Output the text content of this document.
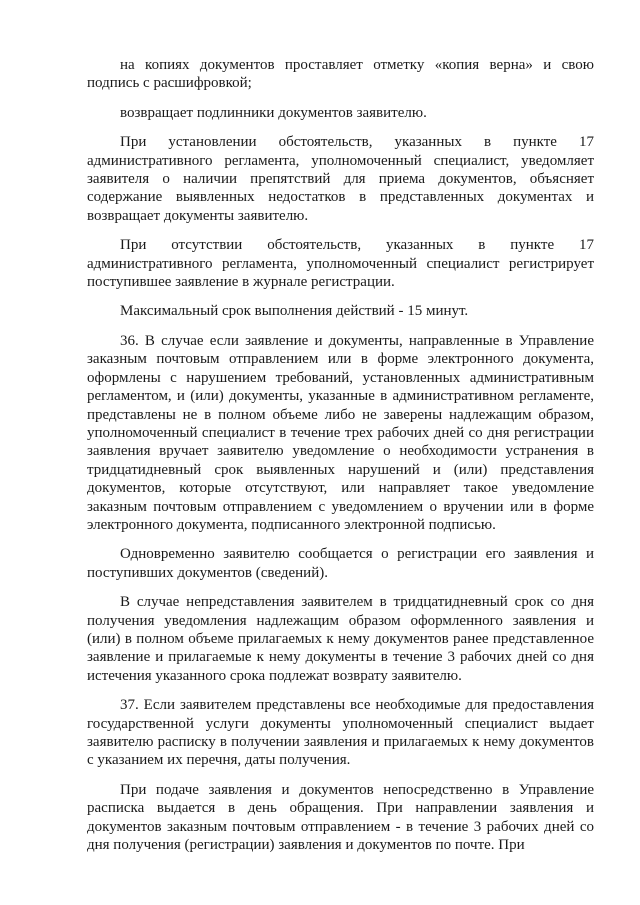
на копиях документов проставляет отметку «копия верна» и свою подпись с расшифровкой;

возвращает подлинники документов заявителю.

При установлении обстоятельств, указанных в пункте 17 административного регламента, уполномоченный специалист, уведомляет заявителя о наличии препятствий для приема документов, объясняет содержание выявленных недостатков в представленных документах и возвращает документы заявителю.

При отсутствии обстоятельств, указанных в пункте 17 административного регламента, уполномоченный специалист регистрирует поступившее заявление в журнале регистрации.

Максимальный срок выполнения действий - 15 минут.

36. В случае если заявление и документы, направленные в Управление заказным почтовым отправлением или в форме электронного документа, оформлены с нарушением требований, установленных административным регламентом, и (или) документы, указанные в административном регламенте, представлены не в полном объеме либо не заверены надлежащим образом, уполномоченный специалист в течение трех рабочих дней со дня регистрации заявления вручает заявителю уведомление о необходимости устранения в тридцатидневный срок выявленных нарушений и (или) представления документов, которые отсутствуют, или направляет такое уведомление заказным почтовым отправлением с уведомлением о вручении или в форме электронного документа, подписанного электронной подписью.

Одновременно заявителю сообщается о регистрации его заявления и поступивших документов (сведений).

В случае непредставления заявителем в тридцатидневный срок со дня получения уведомления надлежащим образом оформленного заявления и (или) в полном объеме прилагаемых к нему документов ранее представленное заявление и прилагаемые к нему документы в течение 3 рабочих дней со дня истечения указанного срока подлежат возврату заявителю.

37. Если заявителем представлены все необходимые для предоставления государственной услуги документы уполномоченный специалист выдает заявителю расписку в получении заявления и прилагаемых к нему документов с указанием их перечня, даты получения.

При подаче заявления и документов непосредственно в Управление расписка выдается в день обращения. При направлении заявления и документов заказным почтовым отправлением - в течение 3 рабочих дней со дня получения (регистрации) заявления и документов по почте. При
